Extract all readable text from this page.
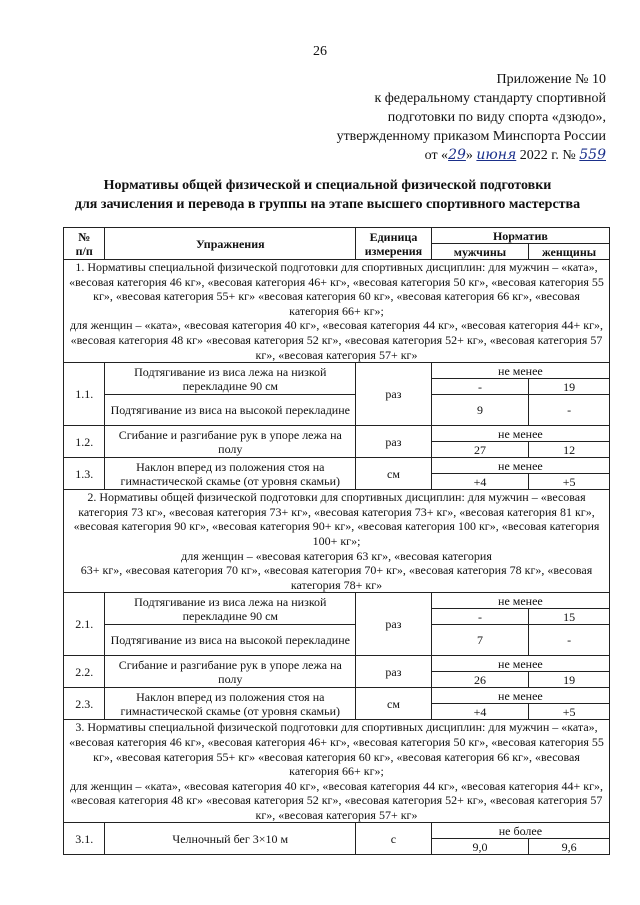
26
Приложение № 10
к федеральному стандарту спортивной
подготовки по виду спорта «дзюдо»,
утвержденному приказом Минспорта России
от «29» июня 2022 г. № 559
Нормативы общей физической и специальной физической подготовки
для зачисления и перевода в группы на этапе высшего спортивного мастерства
№
п/п	Упражнения	Единица
измерения	Норматив	
			мужчины	женщины

1. Нормативы специальной физической подготовки для спортивных дисциплин: для мужчин – «ката», «весовая категория 46 кг», «весовая категория 46+ кг», «весовая категория 50 кг», «весовая категория 55 кг», «весовая категория 55+ кг» «весовая категория 60 кг», «весовая категория 66 кг», «весовая категория 66+ кг»;
для женщин – «ката», «весовая категория 40 кг», «весовая категория 44 кг», «весовая категория 44+ кг», «весовая категория 48 кг» «весовая категория 52 кг», «весовая категория 52+ кг», «весовая категория 57 кг», «весовая категория 57+ кг»				

1.1.	Подтягивание из виса лежа на низкой перекладине 90 см	раз	не менее	
			-	19
	Подтягивание из виса на высокой перекладине		9	-
1.2.	Сгибание и разгибание рук в упоре лежа на полу	раз	не менее	
			27	12
1.3.	Наклон вперед из положения стоя на гимнастической скамье (от уровня скамьи)	см	не менее	
			+4	+5

2. Нормативы общей физической подготовки для спортивных дисциплин: для мужчин – «весовая категория 73 кг», «весовая категория 73+ кг», «весовая категория 73+ кг», «весовая категория 81 кг», «весовая категория 90 кг», «весовая категория 90+ кг», «весовая категория 100 кг», «весовая категория 100+ кг»;
для женщин – «весовая категория 63 кг», «весовая категория
63+ кг», «весовая категория 70 кг», «весовая категория 70+ кг», «весовая категория 78 кг», «весовая категория 78+ кг»				

2.1.	Подтягивание из виса лежа на низкой перекладине 90 см	раз	не менее	
			-	15
	Подтягивание из виса на высокой перекладине		7	-
2.2.	Сгибание и разгибание рук в упоре лежа на полу	раз	не менее	
			26	19
2.3.	Наклон вперед из положения стоя на гимнастической скамье (от уровня скамьи)	см	не менее	
			+4	+5

3. Нормативы специальной физической подготовки для спортивных дисциплин: для мужчин – «ката», «весовая категория 46 кг», «весовая категория 46+ кг», «весовая категория 50 кг», «весовая категория 55 кг», «весовая категория 55+ кг» «весовая категория 60 кг», «весовая категория 66 кг», «весовая категория 66+ кг»;
для женщин – «ката», «весовая категория 40 кг», «весовая категория 44 кг», «весовая категория 44+ кг», «весовая категория 48 кг» «весовая категория 52 кг», «весовая категория 52+ кг», «весовая категория 57 кг», «весовая категория 57+ кг»				

3.1.	Челночный бег 3×10 м	с	не более	
			9,0	9,6
